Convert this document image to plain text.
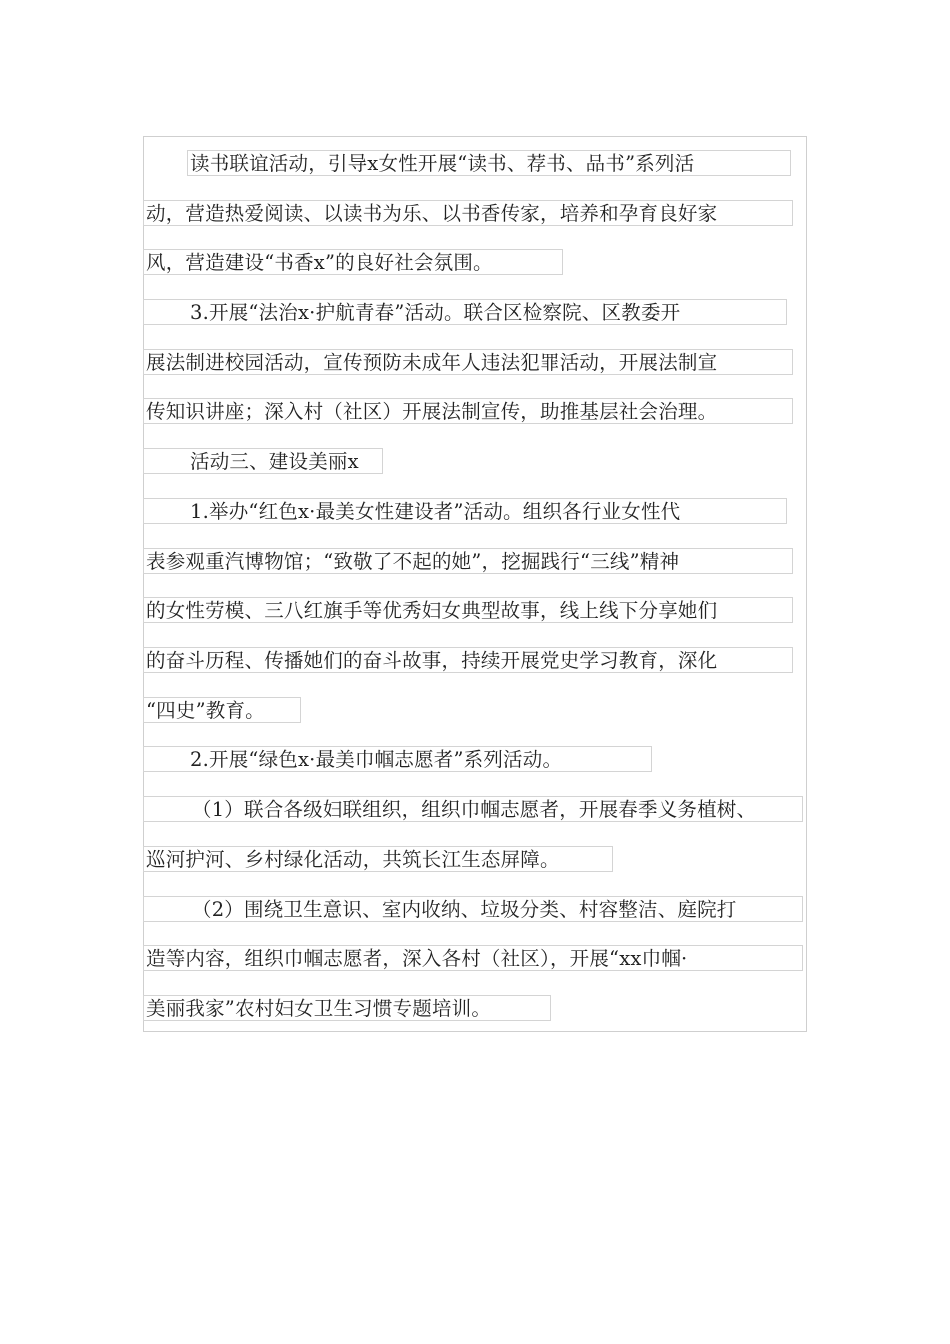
读书联谊活动，引导x女性开展“读书、荐书、品书”系列活
动，营造热爱阅读、以读书为乐、以书香传家，培养和孕育良好家
风，营造建设“书香x”的良好社会氛围。
3.开展“法治x·护航青春”活动。联合区检察院、区教委开
展法制进校园活动，宣传预防未成年人违法犯罪活动，开展法制宣
传知识讲座；深入村（社区）开展法制宣传，助推基层社会治理。
活动三、建设美丽x
1.举办“红色x·最美女性建设者”活动。组织各行业女性代
表参观重汽博物馆；“致敬了不起的她”，挖掘践行“三线”精神
的女性劳模、三八红旗手等优秀妇女典型故事，线上线下分享她们
的奋斗历程、传播她们的奋斗故事，持续开展党史学习教育，深化
“四史”教育。
2.开展“绿色x·最美巾帼志愿者”系列活动。
（1）联合各级妇联组织，组织巾帼志愿者，开展春季义务植树、
巡河护河、乡村绿化活动，共筑长江生态屏障。
（2）围绕卫生意识、室内收纳、垃圾分类、村容整洁、庭院打
造等内容，组织巾帼志愿者，深入各村（社区），开展“xx巾帼·
美丽我家”农村妇女卫生习惯专题培训。
